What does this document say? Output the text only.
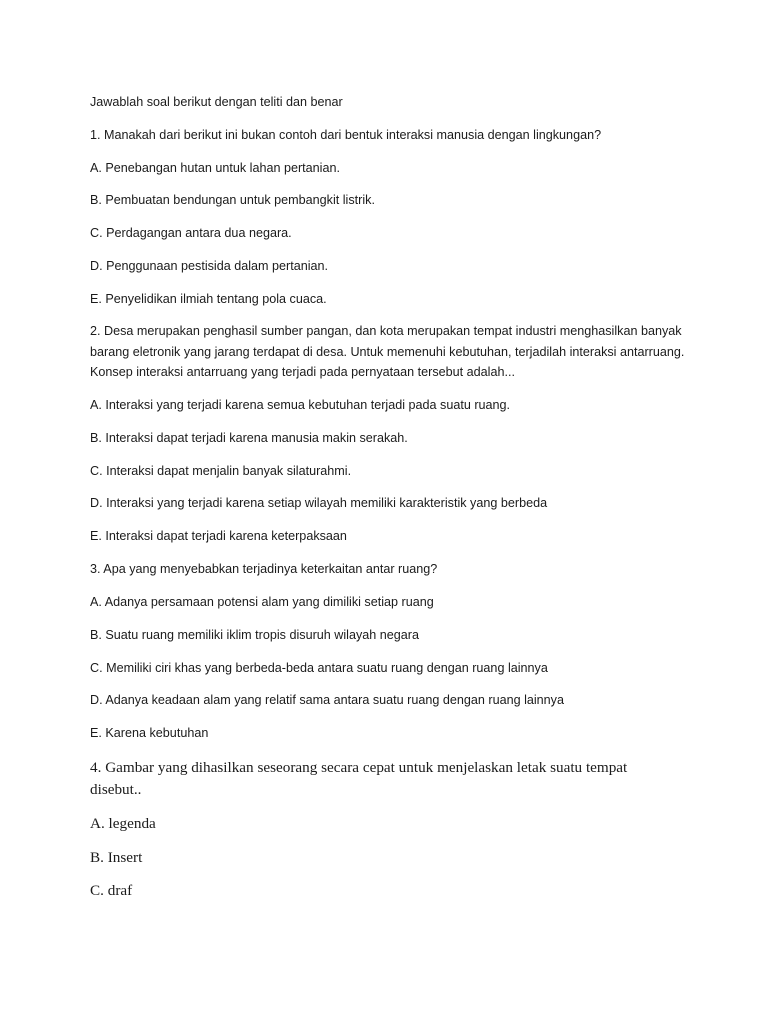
Jawablah soal berikut dengan teliti dan benar

1. Manakah dari berikut ini bukan contoh dari bentuk interaksi manusia dengan lingkungan?

A. Penebangan hutan untuk lahan pertanian.

B. Pembuatan bendungan untuk pembangkit listrik.

C. Perdagangan antara dua negara.

D. Penggunaan pestisida dalam pertanian.

E. Penyelidikan ilmiah tentang pola cuaca.

2. Desa merupakan penghasil sumber pangan, dan kota merupakan tempat industri menghasilkan banyak barang eletronik yang jarang terdapat di desa. Untuk memenuhi kebutuhan, terjadilah interaksi antarruang. Konsep interaksi antarruang yang terjadi pada pernyataan tersebut adalah...

A. Interaksi yang terjadi karena semua kebutuhan terjadi pada suatu ruang.

B. Interaksi dapat terjadi karena manusia makin serakah.

C. Interaksi dapat menjalin banyak silaturahmi.

D. Interaksi yang terjadi karena setiap wilayah memiliki karakteristik yang berbeda

E. Interaksi dapat terjadi karena keterpaksaan

3. Apa yang menyebabkan terjadinya keterkaitan antar ruang?

A. Adanya persamaan potensi alam yang dimiliki setiap ruang

B. Suatu ruang memiliki iklim tropis disuruh wilayah negara

C. Memiliki ciri khas yang berbeda-beda antara suatu ruang dengan ruang lainnya

D. Adanya keadaan alam yang relatif sama antara suatu ruang dengan ruang lainnya

E. Karena kebutuhan

4. Gambar yang dihasilkan seseorang secara cepat untuk menjelaskan letak suatu tempat disebut..

A. legenda

B. Insert

C. draf
